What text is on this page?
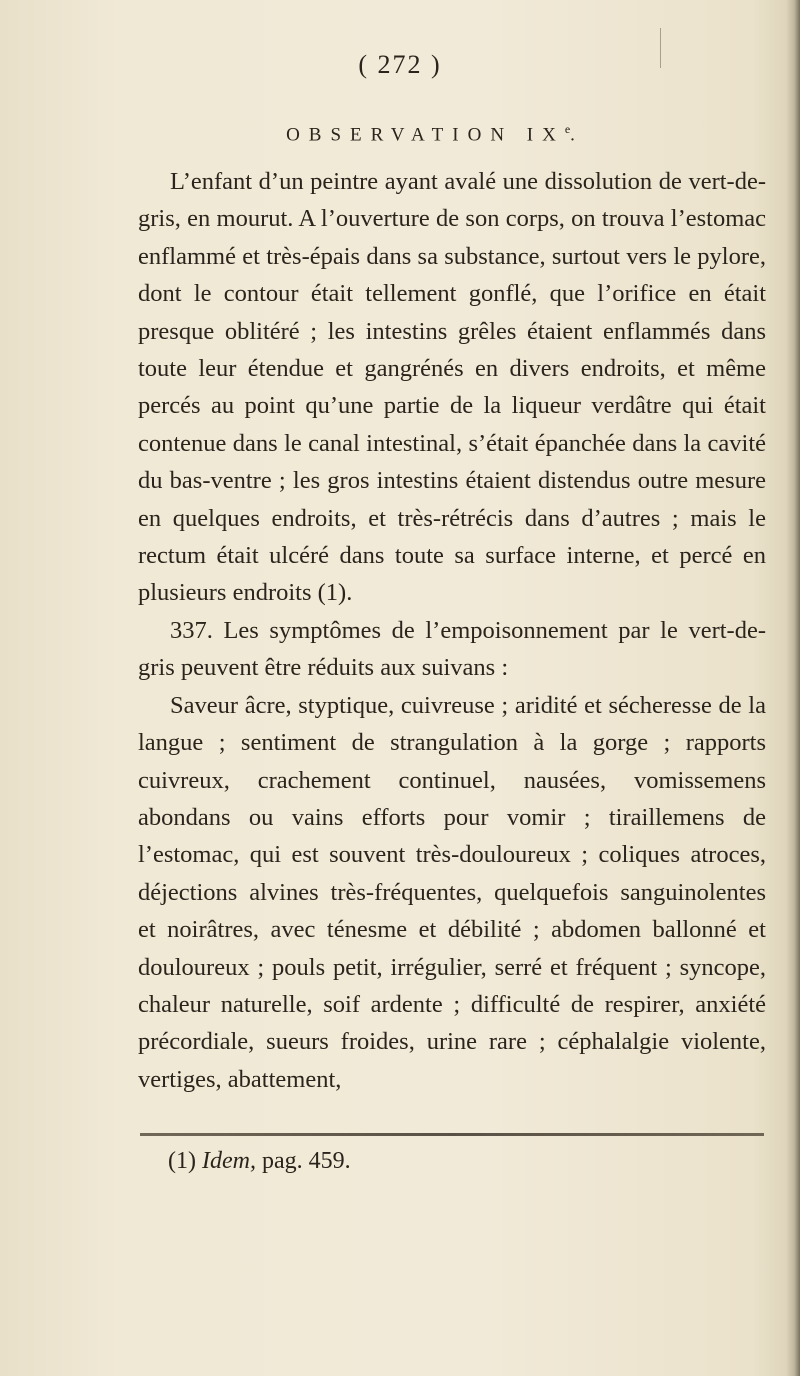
( 272 )
OBSERVATION IXe.

L’enfant d’un peintre ayant avalé une dissolution de vert-de-gris, en mourut. A l’ouverture de son corps, on trouva l’estomac enflammé et très-épais dans sa substance, surtout vers le pylore, dont le contour était tellement gonflé, que l’orifice en était presque oblitéré ; les intestins grêles étaient enflammés dans toute leur étendue et gangrénés en divers endroits, et même percés au point qu’une partie de la liqueur verdâtre qui était contenue dans le canal intestinal, s’était épanchée dans la cavité du bas-ventre ; les gros intestins étaient distendus outre mesure en quelques endroits, et très-rétrécis dans d’autres ; mais le rectum était ulcéré dans toute sa surface interne, et percé en plusieurs endroits (1).

337. Les symptômes de l’empoisonnement par le vert-de-gris peuvent être réduits aux suivans :

Saveur âcre, styptique, cuivreuse ; aridité et sécheresse de la langue ; sentiment de strangulation à la gorge ; rapports cuivreux, crachement continuel, nausées, vomissemens abondans ou vains efforts pour vomir ; tiraillemens de l’estomac, qui est souvent très-douloureux ; coliques atroces, déjections alvines très-fréquentes, quelquefois sanguinolentes et noirâtres, avec ténesme et débilité ; abdomen ballonné et douloureux ; pouls petit, irrégulier, serré et fréquent ; syncope, chaleur naturelle, soif ardente ; difficulté de respirer, anxiété précordiale, sueurs froides, urine rare ; céphalalgie violente, vertiges, abattement,

(1) Idem, pag. 459.
